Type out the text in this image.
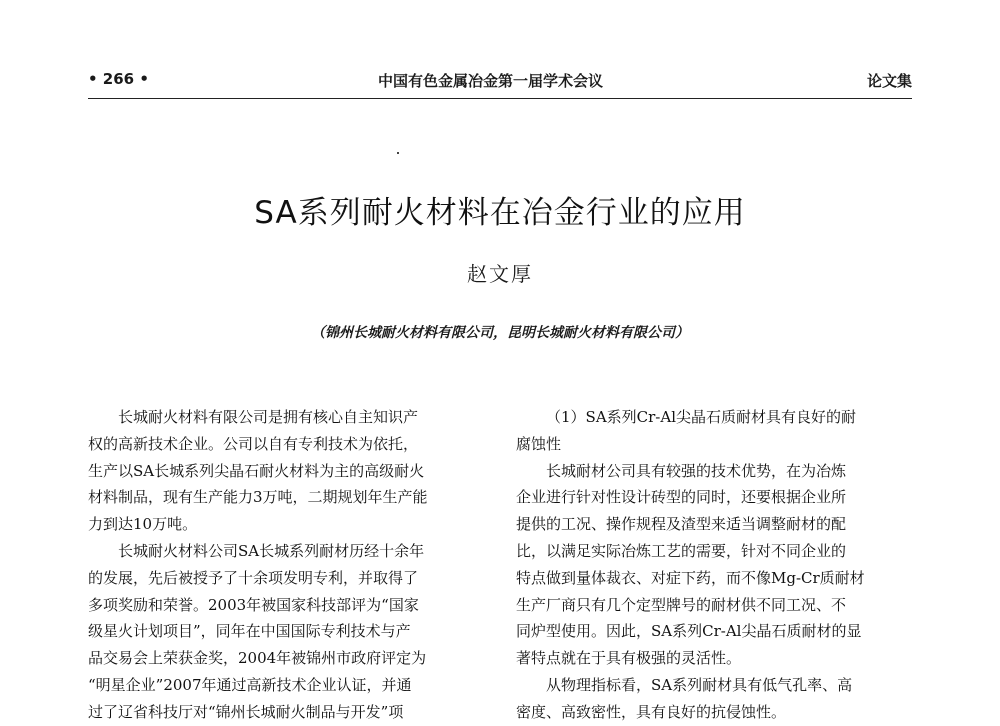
• 266 •	中国有色金属冶金第一届学术会议	论文集
SA系列耐火材料在冶金行业的应用
赵文厚
（锦州长城耐火材料有限公司，昆明长城耐火材料有限公司）
长城耐火材料有限公司是拥有核心自主知识产
权的高新技术企业。公司以自有专利技术为依托，
生产以SA长城系列尖晶石耐火材料为主的高级耐火
材料制品，现有生产能力3万吨，二期规划年生产能
力到达10万吨。
长城耐火材料公司SA长城系列耐材历经十余年
的发展，先后被授予了十余项发明专利，并取得了
多项奖励和荣誉。2003年被国家科技部评为“国家
级星火计划项目”，同年在中国国际专利技术与产
品交易会上荣获金奖，2004年被锦州市政府评定为
“明星企业”2007年通过高新技术企业认证，并通
过了辽省科技厅对“锦州长城耐火制品与开发”项
（1）SA系列Cr-Al尖晶石质耐材具有良好的耐
腐蚀性
长城耐材公司具有较强的技术优势，在为冶炼
企业进行针对性设计砖型的同时，还要根据企业所
提供的工况、操作规程及渣型来适当调整耐材的配
比，以满足实际冶炼工艺的需要，针对不同企业的
特点做到量体裁衣、对症下药，而不像Mg-Cr质耐材
生产厂商只有几个定型牌号的耐材供不同工况、不
同炉型使用。因此，SA系列Cr-Al尖晶石质耐材的显
著特点就在于具有极强的灵活性。
从物理指标看，SA系列耐材具有低气孔率、高
密度、高致密性，具有良好的抗侵蚀性。
